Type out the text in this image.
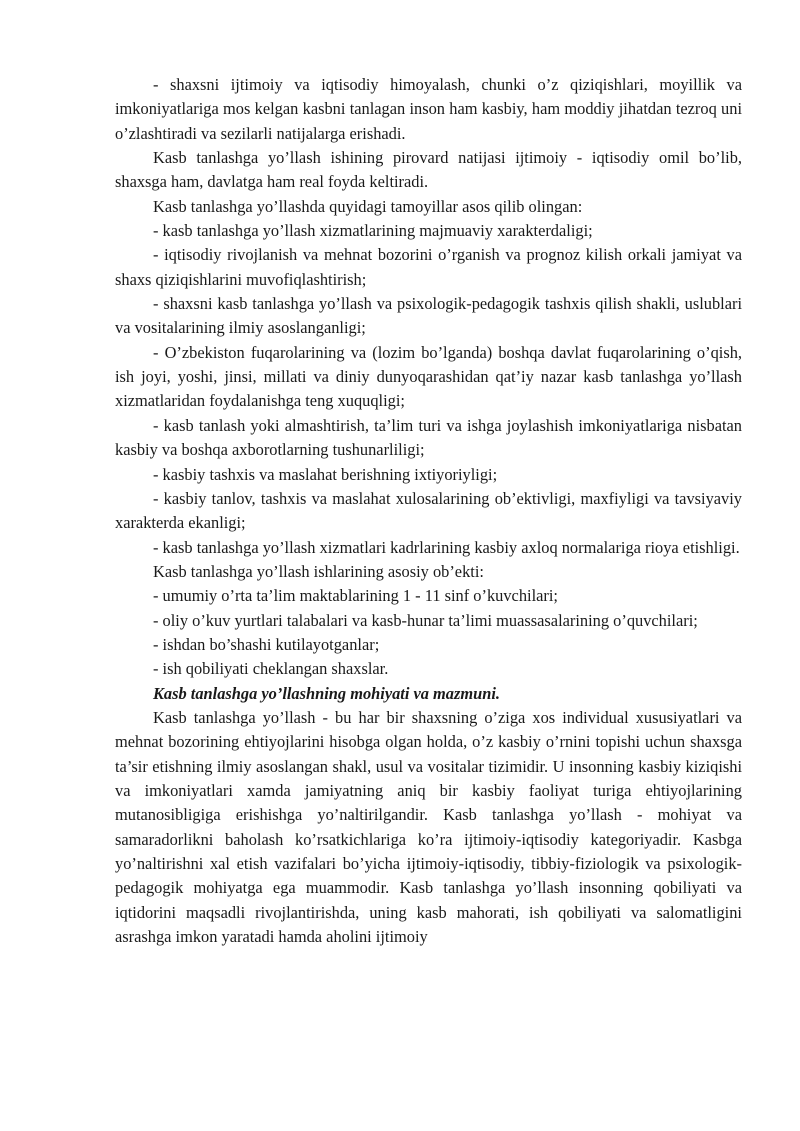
- shaxsni ijtimoiy va iqtisodiy himoyalash, chunki o’z qiziqishlari, moyillik va imkoniyatlariga mos kelgan kasbni tanlagan inson ham kasbiy, ham moddiy jihatdan tezroq uni o’zlashtiradi va sezilarli natijalarga erishadi.

Kasb tanlashga yo’llash ishining pirovard natijasi ijtimoiy - iqtisodiy omil bo’lib, shaxsga ham, davlatga ham real foyda keltiradi.

Kasb tanlashga yo’llashda quyidagi tamoyillar asos qilib olingan:

- kasb tanlashga yo’llash xizmatlarining majmuaviy xarakterdaligi;

- iqtisodiy rivojlanish va mehnat bozorini o’rganish va prognoz kilish orkali jamiyat va shaxs qiziqishlarini muvofiqlashtirish;

- shaxsni kasb tanlashga yo’llash va psixologik-pedagogik tashxis qilish shakli, uslublari va vositalarining ilmiy asoslanganligi;

- O’zbekiston fuqarolarining va (lozim bo’lganda) boshqa davlat fuqarolarining o’qish, ish joyi, yoshi, jinsi, millati va diniy dunyoqarashidan qat’iy nazar kasb tanlashga yo’llash xizmatlaridan foydalanishga teng xuquqligi;

- kasb tanlash yoki almashtirish, ta’lim turi va ishga joylashish imkoniyatlariga nisbatan kasbiy va boshqa axborotlarning tushunarliligi;

- kasbiy tashxis va maslahat berishning ixtiyoriyligi;

- kasbiy tanlov, tashxis va maslahat xulosalarining ob’ektivligi, maxfiyligi va tavsiyaviy xarakterda ekanligi;

- kasb tanlashga yo’llash xizmatlari kadrlarining kasbiy axloq normalariga rioya etishligi.

Kasb tanlashga yo’llash ishlarining asosiy ob’ekti:

- umumiy o’rta ta’lim maktablarining 1 - 11 sinf o’kuvchilari;

- oliy o’kuv yurtlari talabalari va kasb-hunar ta’limi muassasalarining o’quvchilari;

- ishdan bo’shashi kutilayotganlar;

- ish qobiliyati cheklangan shaxslar.

Kasb tanlashga yo’llashning mohiyati va mazmuni.

Kasb tanlashga yo’llash - bu har bir shaxsning o’ziga xos individual xususiyatlari va mehnat bozorining ehtiyojlarini hisobga olgan holda, o’z kasbiy o’rnini topishi uchun shaxsga ta’sir etishning ilmiy asoslangan shakl, usul va vositalar tizimidir. U insonning kasbiy kiziqishi va imkoniyatlari xamda jamiyatning aniq bir kasbiy faoliyat turiga ehtiyojlarining mutanosibligiga erishishga yo’naltirilgandir. Kasb tanlashga yo’llash - mohiyat va samaradorlikni baholash ko’rsatkichlariga ko’ra ijtimoiy-iqtisodiy kategoriyadir. Kasbga yo’naltirishni xal etish vazifalari bo’yicha ijtimoiy-iqtisodiy, tibbiy-fiziologik va psixologik-pedagogik mohiyatga ega muammodir. Kasb tanlashga yo’llash insonning qobiliyati va iqtidorini maqsadli rivojlantirishda, uning kasb mahorati, ish qobiliyati va salomatligini asrashga imkon yaratadi hamda aholini ijtimoiy
